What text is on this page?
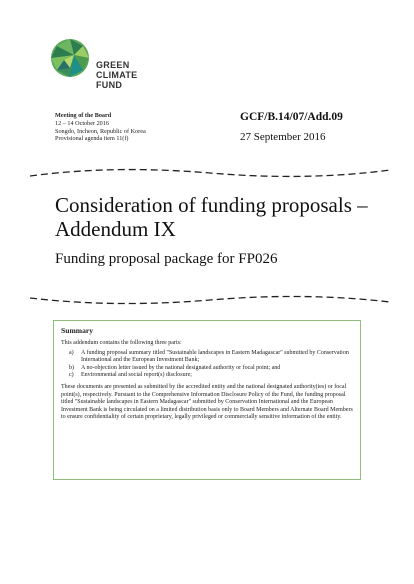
GREEN
CLIMATE
FUND
Meeting of the Board
12 – 14 October 2016
Songdo, Incheon, Republic of Korea
Provisional agenda item 11(f)
GCF/B.14/07/Add.09
27 September 2016
Consideration of funding proposals – Addendum IX
Funding proposal package for FP026
Summary
This addendum contains the following three parts:
a)	A funding proposal summary titled "Sustainable landscapes in Eastern Madagascar" submitted by Conservation International and the European Investment Bank;
b)	A no-objection letter issued by the national designated authority or focal point; and
c)	Environmental and social report(s) disclosure;
These documents are presented as submitted by the accredited entity and the national designated authority(ies) or focal point(s), respectively. Pursuant to the Comprehensive Information Disclosure Policy of the Fund, the funding proposal titled "Sustainable landscapes in Eastern Madagascar" submitted by Conservation International and the European Investment Bank is being circulated on a limited distribution basis only to Board Members and Alternate Board Members to ensure confidentiality of certain proprietary, legally privileged or commercially sensitive information of the entity.
